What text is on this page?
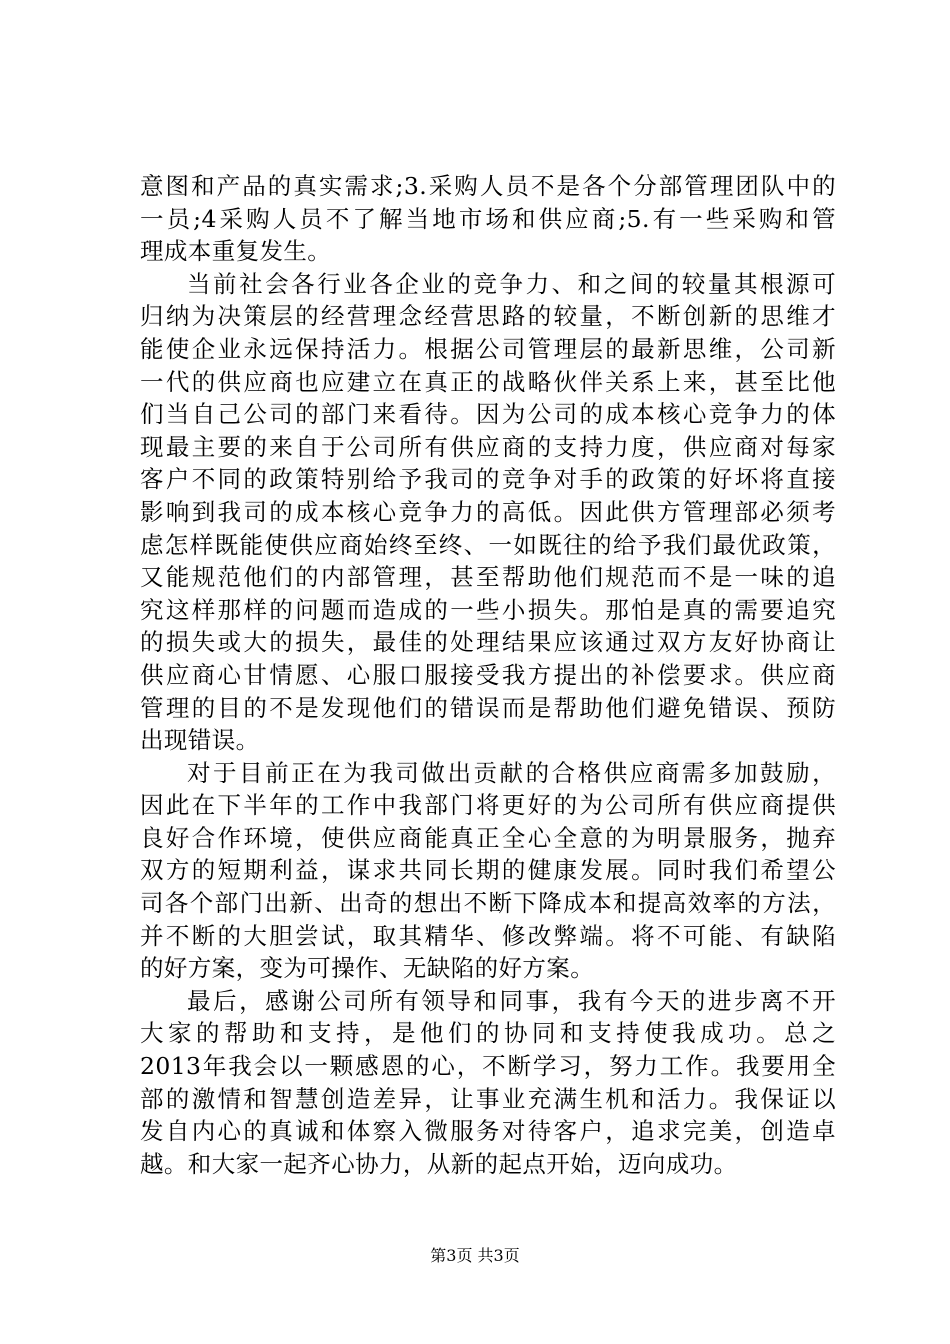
意图和产品的真实需求;3.采购人员不是各个分部管理团队中的
一员;4采购人员不了解当地市场和供应商;5.有一些采购和管
理成本重复发生。
当前社会各行业各企业的竞争力、和之间的较量其根源可
归纳为决策层的经营理念经营思路的较量，不断创新的思维才
能使企业永远保持活力。根据公司管理层的最新思维，公司新
一代的供应商也应建立在真正的战略伙伴关系上来，甚至比他
们当自己公司的部门来看待。因为公司的成本核心竞争力的体
现最主要的来自于公司所有供应商的支持力度，供应商对每家
客户不同的政策特别给予我司的竞争对手的政策的好坏将直接
影响到我司的成本核心竞争力的高低。因此供方管理部必须考
虑怎样既能使供应商始终至终、一如既往的给予我们最优政策，
又能规范他们的内部管理，甚至帮助他们规范而不是一味的追
究这样那样的问题而造成的一些小损失。那怕是真的需要追究
的损失或大的损失，最佳的处理结果应该通过双方友好协商让
供应商心甘情愿、心服口服接受我方提出的补偿要求。供应商
管理的目的不是发现他们的错误而是帮助他们避免错误、预防
出现错误。
对于目前正在为我司做出贡献的合格供应商需多加鼓励，
因此在下半年的工作中我部门将更好的为公司所有供应商提供
良好合作环境，使供应商能真正全心全意的为明景服务，抛弃
双方的短期利益，谋求共同长期的健康发展。同时我们希望公
司各个部门出新、出奇的想出不断下降成本和提高效率的方法，
并不断的大胆尝试，取其精华、修改弊端。将不可能、有缺陷
的好方案，变为可操作、无缺陷的好方案。
最后，感谢公司所有领导和同事，我有今天的进步离不开
大家的帮助和支持，是他们的协同和支持使我成功。总之
2013年我会以一颗感恩的心，不断学习，努力工作。我要用全
部的激情和智慧创造差异，让事业充满生机和活力。我保证以
发自内心的真诚和体察入微服务对待客户，追求完美，创造卓
越。和大家一起齐心协力，从新的起点开始，迈向成功。
第3页 共3页
